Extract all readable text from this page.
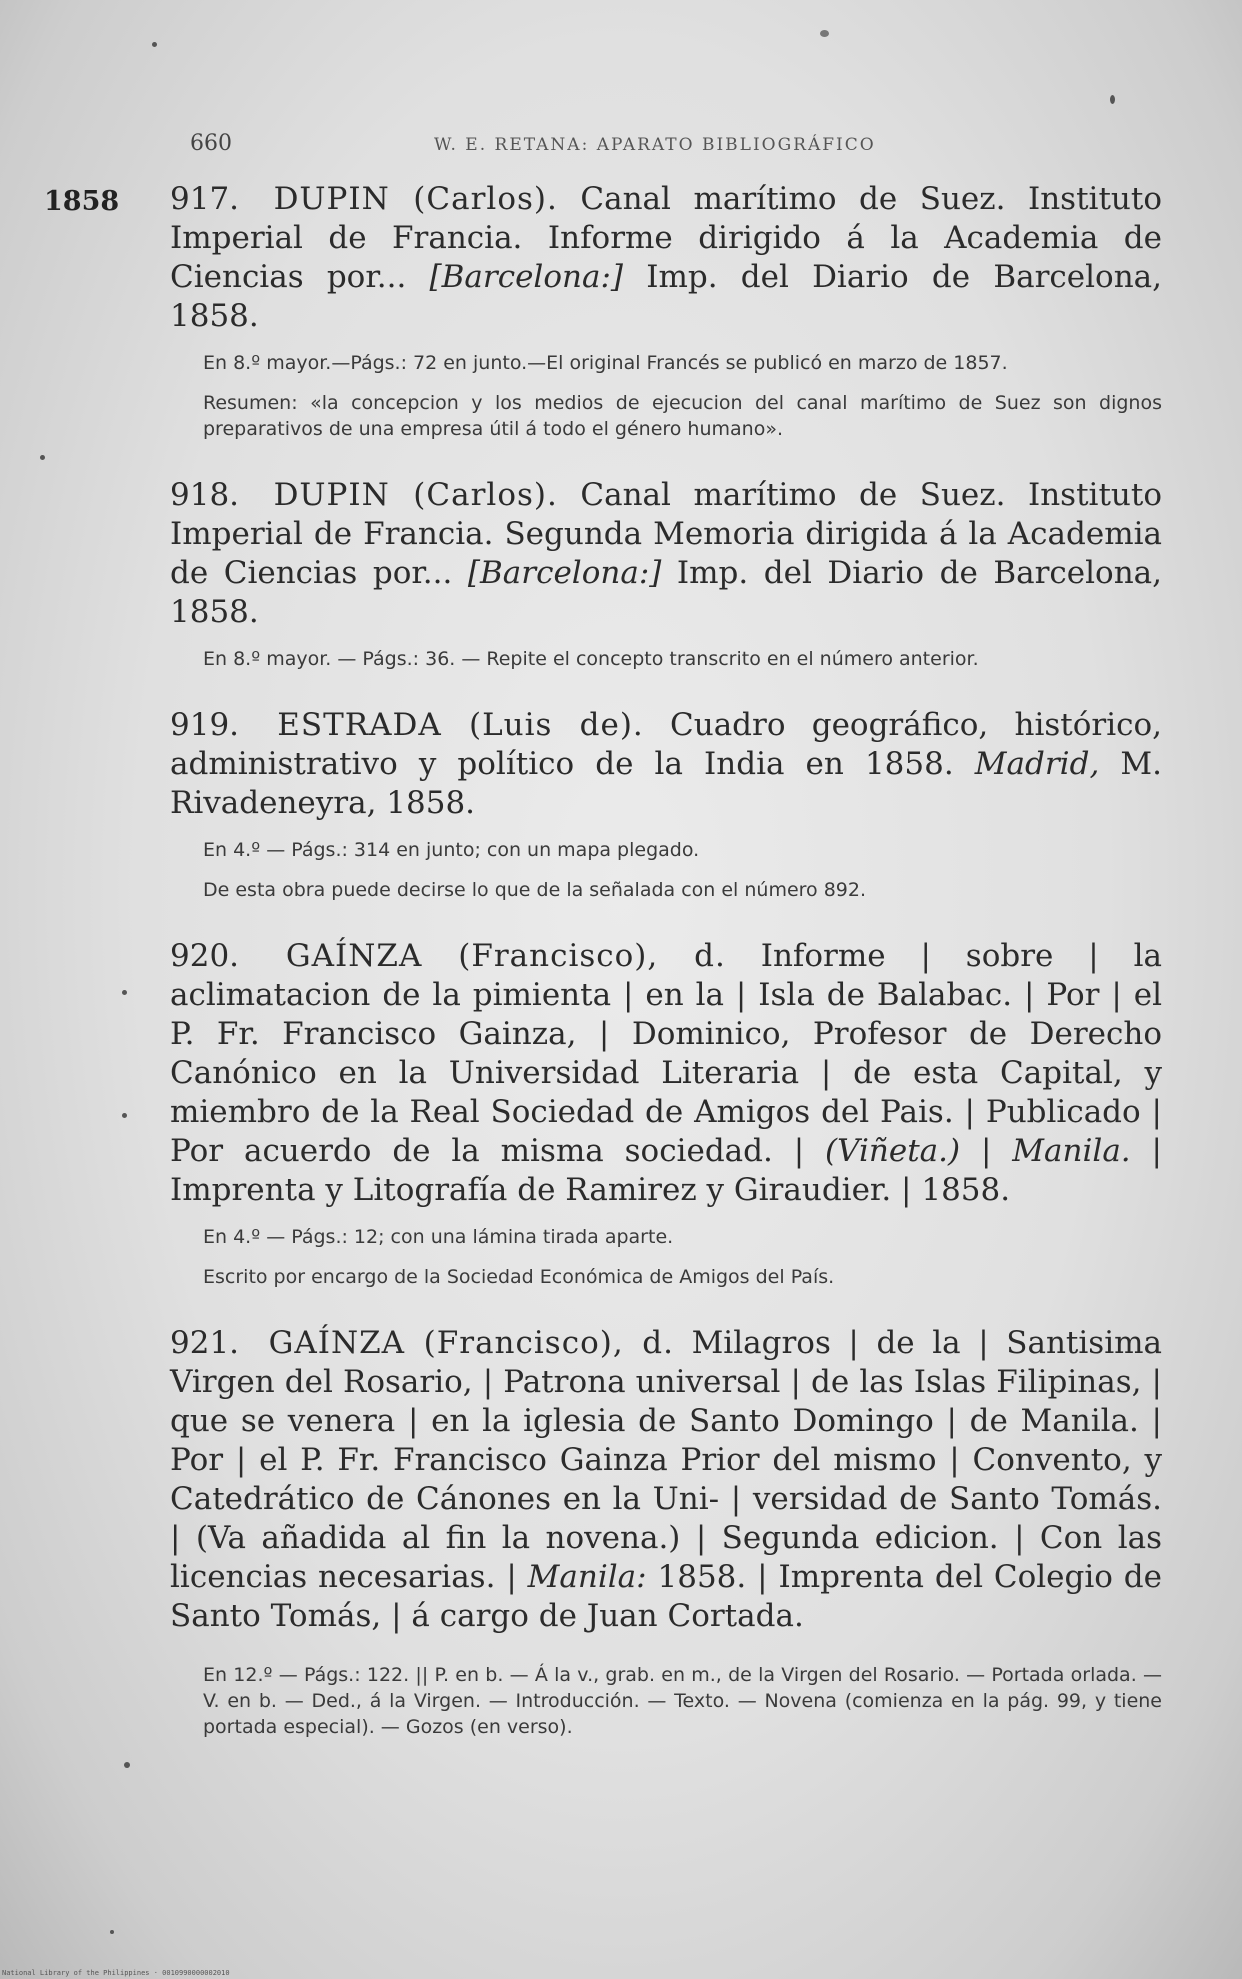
660	W. E. RETANA: APARATO BIBLIOGRÁFICO
1858 917. DUPIN (Carlos). Canal marítimo de Suez. Instituto Imperial de Francia. Informe dirigido á la Academia de Ciencias por... [Barcelona:] Imp. del Diario de Barcelona, 1858.

En 8.º mayor.—Págs.: 72 en junto.—El original Francés se publicó en marzo de 1857.

Resumen: «la concepcion y los medios de ejecucion del canal marítimo de Suez son dignos preparativos de una empresa útil á todo el género humano».

918. DUPIN (Carlos). Canal marítimo de Suez. Instituto Imperial de Francia. Segunda Memoria dirigida á la Academia de Ciencias por... [Barcelona:] Imp. del Diario de Barcelona, 1858.

En 8.º mayor. — Págs.: 36. — Repite el concepto transcrito en el número anterior.

919. ESTRADA (Luis de). Cuadro geográfico, histórico, administrativo y político de la India en 1858. Madrid, M. Rivadeneyra, 1858.

En 4.º — Págs.: 314 en junto; con un mapa plegado.

De esta obra puede decirse lo que de la señalada con el número 892.

920. GAÍNZA (Francisco), d. Informe | sobre | la aclimatacion de la pimienta | en la | Isla de Balabac. | Por | el P. Fr. Francisco Gainza, | Dominico, Profesor de Derecho Canónico en la Universidad Literaria | de esta Capital, y miembro de la Real Sociedad de Amigos del Pais. | Publicado | Por acuerdo de la misma sociedad. | (Viñeta.) | Manila. | Imprenta y Litografía de Ramirez y Giraudier. | 1858.

En 4.º — Págs.: 12; con una lámina tirada aparte.

Escrito por encargo de la Sociedad Económica de Amigos del País.

921. GAÍNZA (Francisco), d. Milagros | de la | Santisima Virgen del Rosario, | Patrona universal | de las Islas Filipinas, | que se venera | en la iglesia de Santo Domingo | de Manila. | Por | el P. Fr. Francisco Gainza Prior del mismo | Convento, y Catedrático de Cánones en la Uni- | versidad de Santo Tomás. | (Va añadida al fin la novena.) | Segunda edicion. | Con las licencias necesarias. | Manila: 1858. | Imprenta del Colegio de Santo Tomás, | á cargo de Juan Cortada.

En 12.º — Págs.: 122. || P. en b. — Á la v., grab. en m., de la Virgen del Rosario. — Portada orlada. — V. en b. — Ded., á la Virgen. — Introducción. — Texto. — Novena (comienza en la pág. 99, y tiene portada especial). — Gozos (en verso).

National Library of the Philippines · 0010990000002010
